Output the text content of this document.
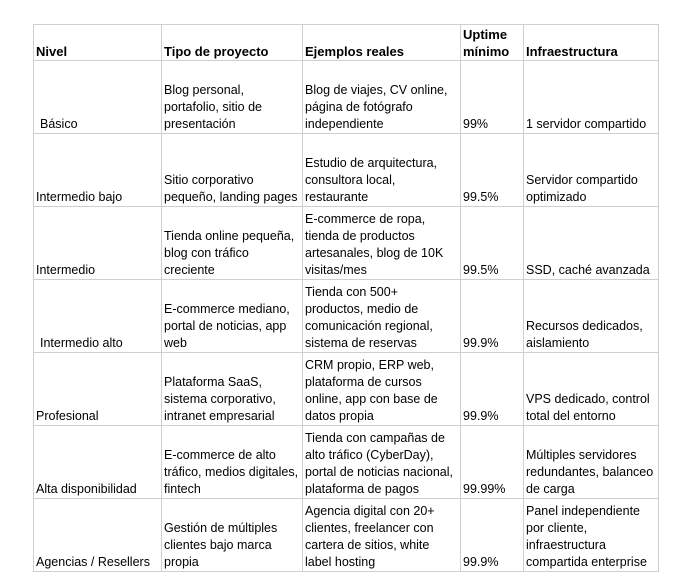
Nivel	Tipo de proyecto	Ejemplos reales	Uptime mínimo	Infraestructura
Básico	Blog personal, portafolio, sitio de presentación	Blog de viajes, CV online, página de fotógrafo independiente	99%	1 servidor compartido
Intermedio bajo	Sitio corporativo pequeño, landing pages	Estudio de arquitectura, consultora local, restaurante	99.5%	Servidor compartido optimizado
Intermedio	Tienda online pequeña, blog con tráfico creciente	E-commerce de ropa, tienda de productos artesanales, blog de 10K visitas/mes	99.5%	SSD, caché avanzada
Intermedio alto	E-commerce mediano, portal de noticias, app web	Tienda con 500+ productos, medio de comunicación regional, sistema de reservas	99.9%	Recursos dedicados, aislamiento
Profesional	Plataforma SaaS, sistema corporativo, intranet empresarial	CRM propio, ERP web, plataforma de cursos online, app con base de datos propia	99.9%	VPS dedicado, control total del entorno
Alta disponibilidad	E-commerce de alto tráfico, medios digitales, fintech	Tienda con campañas de alto tráfico (CyberDay), portal de noticias nacional, plataforma de pagos	99.99%	Múltiples servidores redundantes, balanceo de carga
Agencias / Resellers	Gestión de múltiples clientes bajo marca propia	Agencia digital con 20+ clientes, freelancer con cartera de sitios, white label hosting	99.9%	Panel independiente por cliente, infraestructura compartida enterprise
